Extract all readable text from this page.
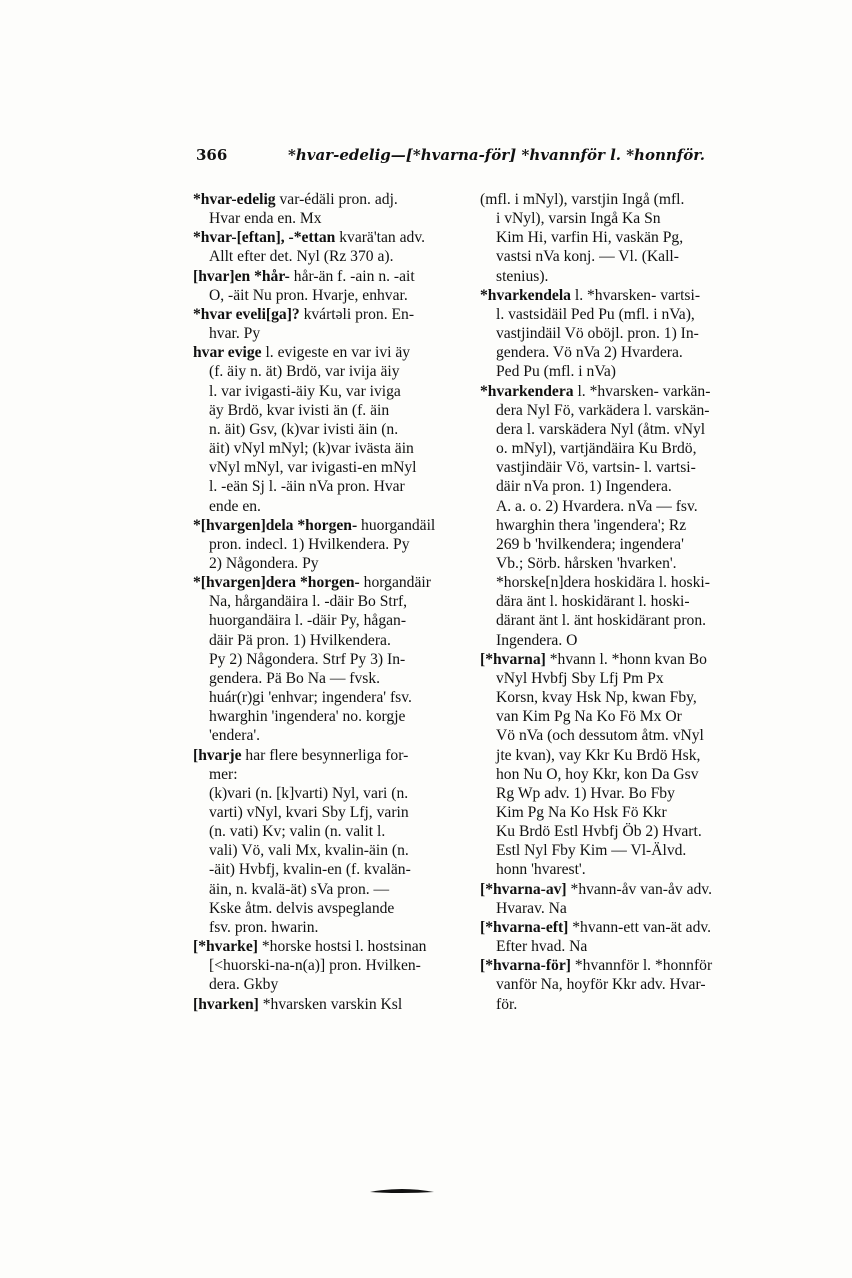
366	*hvar-edelig—[*hvarna-för] *hvannför l. *honnför.

*hvar-edelig var-édäli pron. adj.
Hvar enda en. Mx

*hvar-[eftan], -*ettan kvarä'tan adv.
Allt efter det. Nyl (Rz 370 a).

[hvar]en *hår- hår-än f. -ain n. -ait
O, -äit Nu pron. Hvarje, enhvar.

*hvar eveli[ga]? kvártəli pron. En-
hvar. Py

hvar evige l. evigeste en var ivi äy
(f. äiy n. ät) Brdö, var ivija äiy
l. var ivigasti-äiy Ku, var iviga
äy Brdö, kvar ivisti än (f. äin
n. äit) Gsv, (k)var ivisti äin (n.
äit) vNyl mNyl; (k)var ivästa äin
vNyl mNyl, var ivigasti-en mNyl
l. -eän Sj l. -äin nVa pron. Hvar
ende en.

*[hvargen]dela *horgen- huorgandäil
pron. indecl. 1) Hvilkendera. Py
2) Någondera. Py

*[hvargen]dera *horgen- horgandäir
Na, hårgandäira l. -däir Bo Strf,
huorgandäira l. -däir Py, hågan-
däir Pä pron. 1) Hvilkendera.
Py 2) Någondera. Strf Py 3) In-
gendera. Pä Bo Na — fvsk.
huár(r)gi 'enhvar; ingendera' fsv.
hwarghin 'ingendera' no. korgje
'endera'.

[hvarje har flere besynnerliga for-
mer:
(k)vari (n. [k]varti) Nyl, vari (n.
varti) vNyl, kvari Sby Lfj, varin
(n. vati) Kv; valin (n. valit l.
vali) Vö, vali Mx, kvalin-äin (n.
-äit) Hvbfj, kvalin-en (f. kvalän-
äin, n. kvalä-ät) sVa pron. —
Kske åtm. delvis avspeglande
fsv. pron. hwarin.

[*hvarke] *horske hostsi l. hostsinan
[<huorski-na-n(a)] pron. Hvilken-
dera. Gkby

[hvarken] *hvarsken varskin Ksl

(mfl. i mNyl), varstjin Ingå (mfl.
i vNyl), varsin Ingå Ka Sn
Kim Hi, varfin Hi, vaskän Pg,
vastsi nVa konj. — Vl. (Kall-
stenius).

*hvarkendela l. *hvarsken- vartsi-
l. vastsidäil Ped Pu (mfl. i nVa),
vastjindäil Vö oböjl. pron. 1) In-
gendera. Vö nVa 2) Hvardera.
Ped Pu (mfl. i nVa)

*hvarkendera l. *hvarsken- varkän-
dera Nyl Fö, varkädera l. varskän-
dera l. varskädera Nyl (åtm. vNyl
o. mNyl), vartjändäira Ku Brdö,
vastjindäir Vö, vartsin- l. vartsi-
däir nVa pron. 1) Ingendera.
A. a. o. 2) Hvardera. nVa — fsv.
hwarghin thera 'ingendera'; Rz
269 b 'hvilkendera; ingendera'
Vb.; Sörb. hårsken 'hvarken'.
*horske[n]dera hoskidära l. hoski-
dära änt l. hoskidärant l. hoski-
därant änt l. änt hoskidärant pron.
Ingendera. O

[*hvarna] *hvann l. *honn kvan Bo
vNyl Hvbfj Sby Lfj Pm Px
Korsn, kvay Hsk Np, kwan Fby,
van Kim Pg Na Ko Fö Mx Or
Vö nVa (och dessutom åtm. vNyl
jte kvan), vay Kkr Ku Brdö Hsk,
hon Nu O, hoy Kkr, kon Da Gsv
Rg Wp adv. 1) Hvar. Bo Fby
Kim Pg Na Ko Hsk Fö Kkr
Ku Brdö Estl Hvbfj Öb 2) Hvart.
Estl Nyl Fby Kim — Vl-Älvd.
honn 'hvarest'.

[*hvarna-av] *hvann-åv van-åv adv.
Hvarav. Na

[*hvarna-eft] *hvann-ett van-ät adv.
Efter hvad. Na

[*hvarna-för] *hvannför l. *honnför
vanför Na, hoyför Kkr adv. Hvar-
för.
